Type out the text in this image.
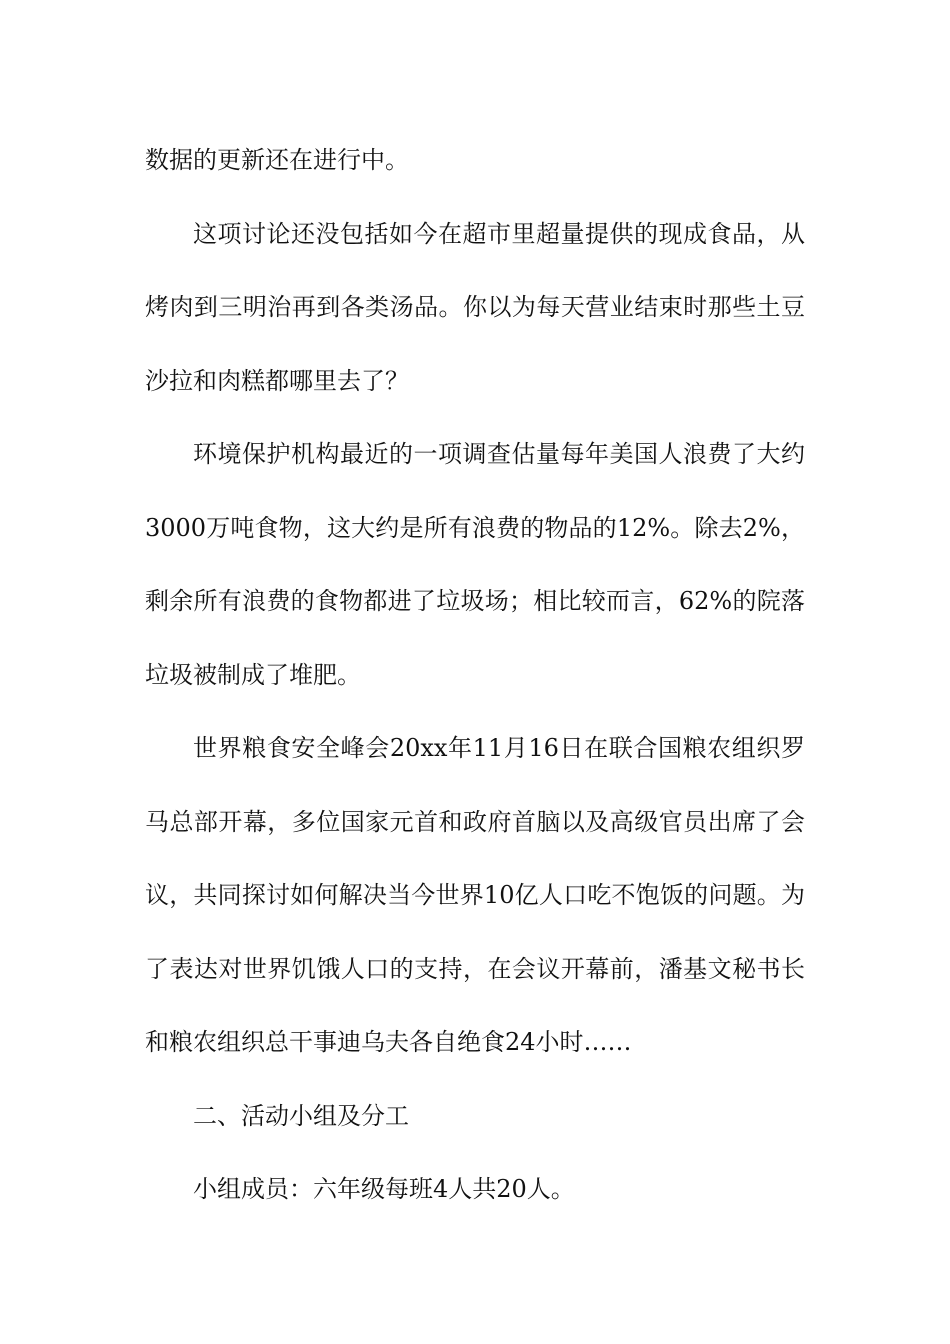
数据的更新还在进行中。

这项讨论还没包括如今在超市里超量提供的现成食品，从烤肉到三明治再到各类汤品。你以为每天营业结束时那些土豆沙拉和肉糕都哪里去了？

环境保护机构最近的一项调查估量每年美国人浪费了大约3000万吨食物，这大约是所有浪费的物品的12%。除去2%，剩余所有浪费的食物都进了垃圾场；相比较而言，62%的院落垃圾被制成了堆肥。

世界粮食安全峰会20xx年11月16日在联合国粮农组织罗马总部开幕，多位国家元首和政府首脑以及高级官员出席了会议，共同探讨如何解决当今世界10亿人口吃不饱饭的问题。为了表达对世界饥饿人口的支持，在会议开幕前，潘基文秘书长和粮农组织总干事迪乌夫各自绝食24小时……

二、活动小组及分工

小组成员：六年级每班4人共20人。
